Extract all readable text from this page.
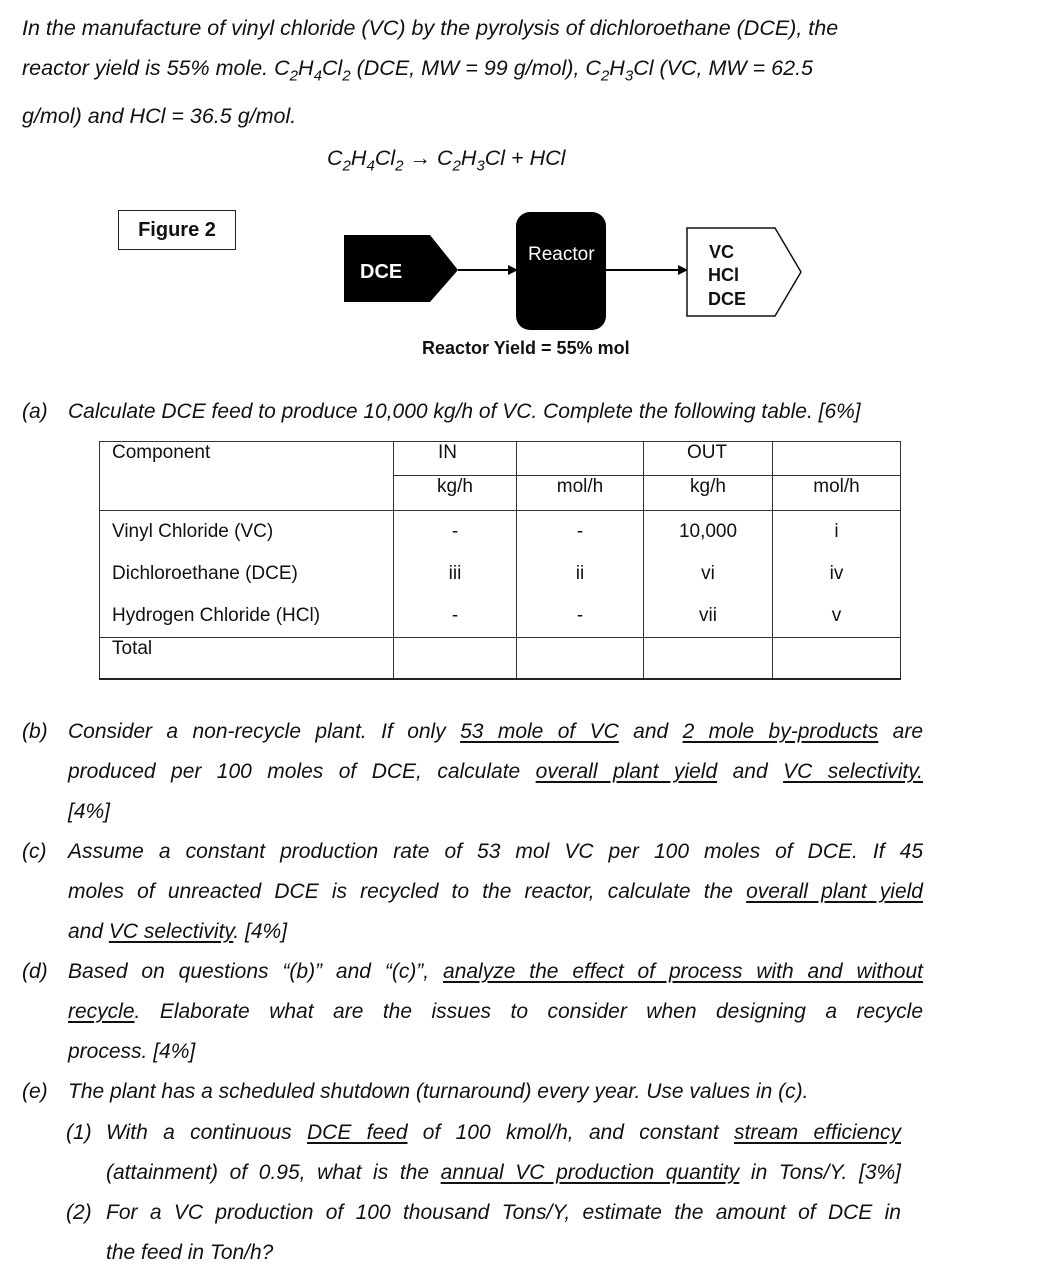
In the manufacture of vinyl chloride (VC) by the pyrolysis of dichloroethane (DCE), the
reactor yield is 55% mole. $C_2H_4Cl_2$ (DCE, MW = 99 g/mol), $C_2H_3Cl$ (VC, MW = 62.5
g/mol) and HCl = 36.5 g/mol.
$C_2H_4Cl_2 \to C_2H_3Cl$ + HCl
Figure 2
DCE
Reactor	VC
HCl
DCE
Reactor Yield = 55% mol
(a) Calculate DCE feed to produce 10,000 kg/h of VC. Complete the following table. [6%]
Component	IN		OUT	

	kg/h	mol/h	kg/h	mol/h

Vinyl Chloride (VC)	-	-	10,000	i
Dichloroethane (DCE)	iii	ii	vi	iv
Hydrogen Chloride (HCl)	-	-	vii	v

Total				

(b) Consider a non-recycle plant. If only 53 mole of VC and 2 mole by-products are
produced per 100 moles of DCE, calculate overall plant yield and VC selectivity.
[4%]
(c) Assume a constant production rate of 53 mol VC per 100 moles of DCE. If 45
moles of unreacted DCE is recycled to the reactor, calculate the overall plant yield
and VC selectivity. [4%]
(d) Based on questions “(b)” and “(c)”, analyze the effect of process with and without
recycle. Elaborate what are the issues to consider when designing a recycle
process. [4%]
(e) The plant has a scheduled shutdown (turnaround) every year. Use values in (c).
(1) With a continuous DCE feed of 100 kmol/h, and constant stream efficiency
(attainment) of 0.95, what is the annual VC production quantity in Tons/Y. [3%]
(2) For a VC production of 100 thousand Tons/Y, estimate the amount of DCE in
the feed in Ton/h?
